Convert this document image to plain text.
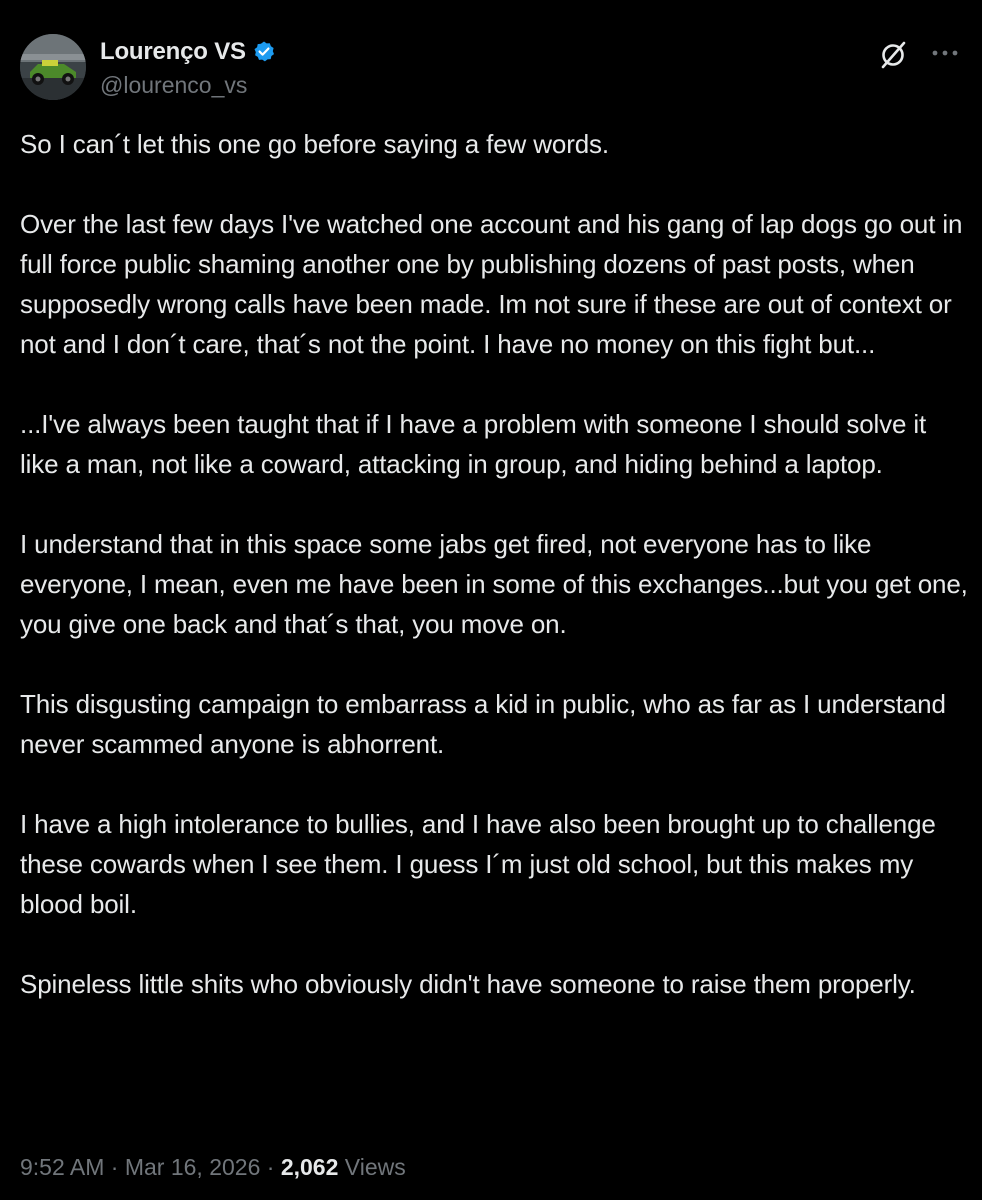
Lourenço VS
@lourenco_vs

So I can´t let this one go before saying a few words.

Over the last few days I've watched one account and his gang of lap dogs go out in full force public shaming another one by publishing dozens of past posts, when supposedly wrong calls have been made. Im not sure if these are out of context or not and I don´t care, that´s not the point. I have no money on this fight but...

...I've always been taught that if I have a problem with someone I should solve it like a man, not like a coward, attacking in group, and hiding behind a laptop.

I understand that in this space some jabs get fired, not everyone has to like everyone, I mean, even me have been in some of this exchanges...but you get one, you give one back and that´s that, you move on.

This disgusting campaign to embarrass a kid in public, who as far as I understand never scammed anyone is abhorrent.

I have a high intolerance to bullies, and I have also been brought up to challenge these cowards when I see them. I guess I´m just old school, but this makes my blood boil.

Spineless little shits who obviously didn't have someone to raise them properly.

9:52 AM · Mar 16, 2026 · 2,062 Views
